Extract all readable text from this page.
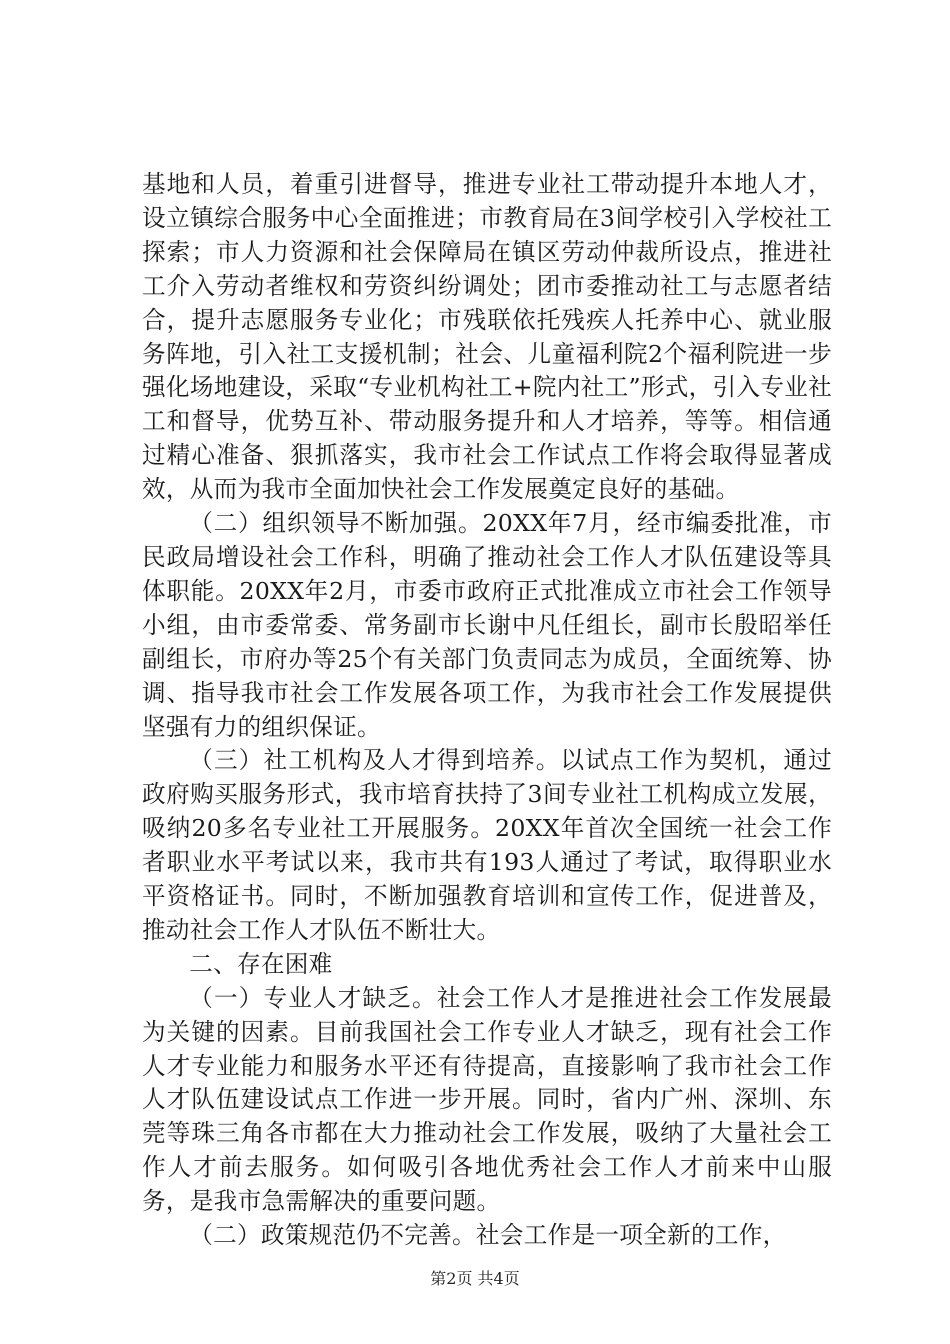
基地和人员，着重引进督导，推进专业社工带动提升本地人才，设立镇综合服务中心全面推进；市教育局在3间学校引入学校社工探索；市人力资源和社会保障局在镇区劳动仲裁所设点，推进社工介入劳动者维权和劳资纠纷调处；团市委推动社工与志愿者结合，提升志愿服务专业化；市残联依托残疾人托养中心、就业服务阵地，引入社工支援机制；社会、儿童福利院2个福利院进一步强化场地建设，采取“专业机构社工+院内社工”形式，引入专业社工和督导，优势互补、带动服务提升和人才培养，等等。相信通过精心准备、狠抓落实，我市社会工作试点工作将会取得显著成效，从而为我市全面加快社会工作发展奠定良好的基础。

（二）组织领导不断加强。20XX年7月，经市编委批准，市民政局增设社会工作科，明确了推动社会工作人才队伍建设等具体职能。20XX年2月，市委市政府正式批准成立市社会工作领导小组，由市委常委、常务副市长谢中凡任组长，副市长殷昭举任副组长，市府办等25个有关部门负责同志为成员，全面统筹、协调、指导我市社会工作发展各项工作，为我市社会工作发展提供坚强有力的组织保证。

（三）社工机构及人才得到培养。以试点工作为契机，通过政府购买服务形式，我市培育扶持了3间专业社工机构成立发展，吸纳20多名专业社工开展服务。20XX年首次全国统一社会工作者职业水平考试以来，我市共有193人通过了考试，取得职业水平资格证书。同时，不断加强教育培训和宣传工作，促进普及，推动社会工作人才队伍不断壮大。

二、存在困难

（一）专业人才缺乏。社会工作人才是推进社会工作发展最为关键的因素。目前我国社会工作专业人才缺乏，现有社会工作人才专业能力和服务水平还有待提高，直接影响了我市社会工作人才队伍建设试点工作进一步开展。同时，省内广州、深圳、东莞等珠三角各市都在大力推动社会工作发展，吸纳了大量社会工作人才前去服务。如何吸引各地优秀社会工作人才前来中山服务，是我市急需解决的重要问题。

（二）政策规范仍不完善。社会工作是一项全新的工作，

第2页 共4页
